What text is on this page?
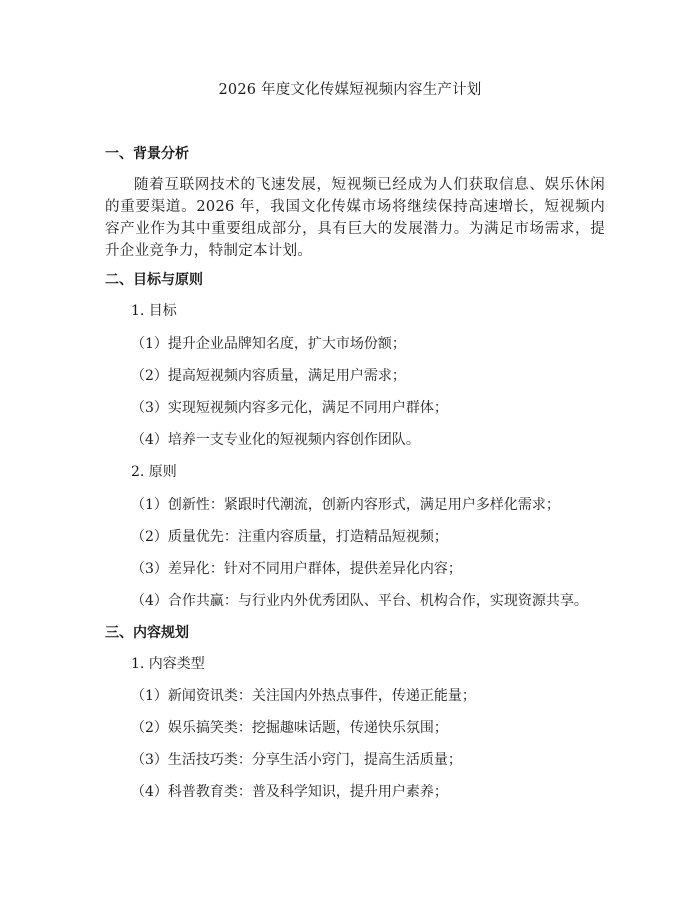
2026 年度文化传媒短视频内容生产计划
一、背景分析
随着互联网技术的飞速发展，短视频已经成为人们获取信息、娱乐休闲的重要渠道。2026 年，我国文化传媒市场将继续保持高速增长，短视频内容产业作为其中重要组成部分，具有巨大的发展潜力。为满足市场需求，提升企业竞争力，特制定本计划。
二、目标与原则
1. 目标
（1）提升企业品牌知名度，扩大市场份额；
（2）提高短视频内容质量，满足用户需求；
（3）实现短视频内容多元化，满足不同用户群体；
（4）培养一支专业化的短视频内容创作团队。
2. 原则
（1）创新性：紧跟时代潮流，创新内容形式，满足用户多样化需求；
（2）质量优先：注重内容质量，打造精品短视频；
（3）差异化：针对不同用户群体，提供差异化内容；
（4）合作共赢：与行业内外优秀团队、平台、机构合作，实现资源共享。
三、内容规划
1. 内容类型
（1）新闻资讯类：关注国内外热点事件，传递正能量；
（2）娱乐搞笑类：挖掘趣味话题，传递快乐氛围；
（3）生活技巧类：分享生活小窍门，提高生活质量；
（4）科普教育类：普及科学知识，提升用户素养；
